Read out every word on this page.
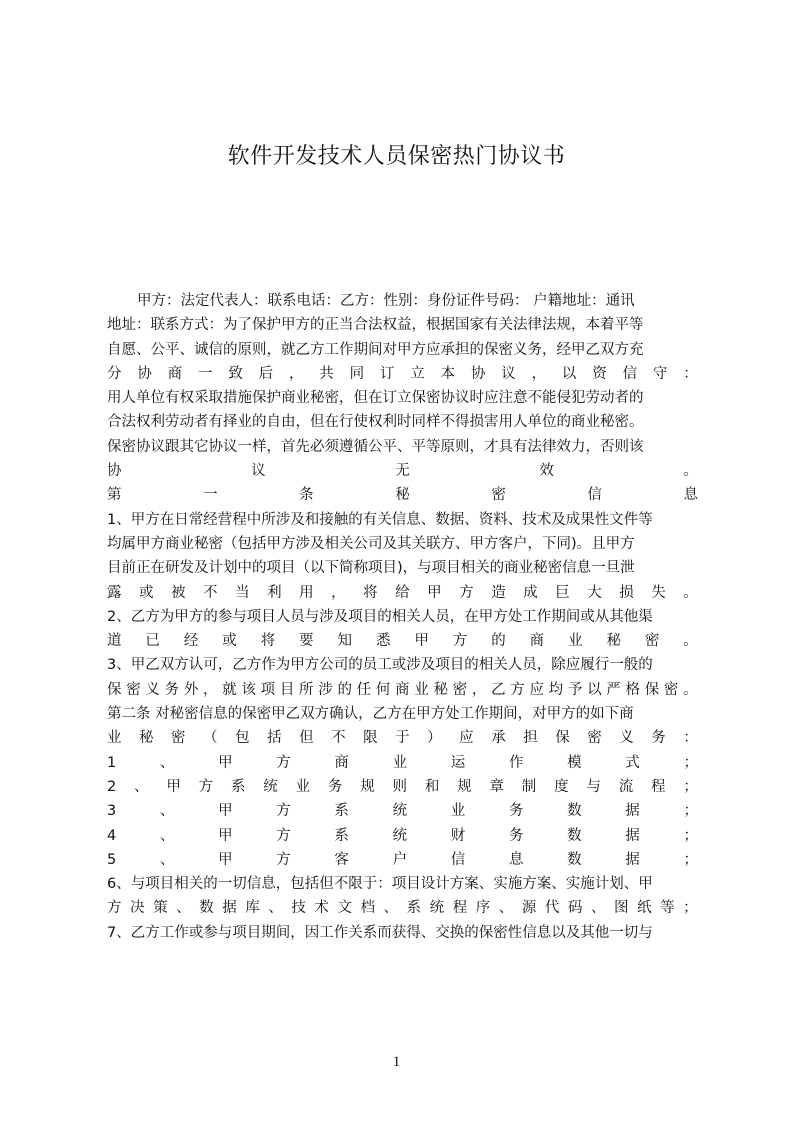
软件开发技术人员保密热门协议书
甲方：法定代表人：联系电话：乙方：性别：身份证件号码： 户籍地址：通讯
地址：联系方式：为了保护甲方的正当合法权益，根据国家有关法律法规，本着平等
自愿、公平、诚信的原则，就乙方工作期间对甲方应承担的保密义务，经甲乙双方充
分 协 商 一 致 后 ， 共 同 订 立 本 协 议 ， 以 资 信 守 ：
用人单位有权采取措施保护商业秘密，但在订立保密协议时应注意不能侵犯劳动者的
合法权利劳动者有择业的自由，但在行使权利时同样不得损害用人单位的商业秘密。
保密协议跟其它协议一样，首先必须遵循公平、平等原则，才具有法律效力，否则该
协	议	无	效	。
第	一	条	秘	密	信	息
1、甲方在日常经营程中所涉及和接触的有关信息、数据、资料、技术及成果性文件等
均属甲方商业秘密（包括甲方涉及相关公司及其关联方、甲方客户，下同)。且甲方
目前正在研发及计划中的项目（以下简称项目)，与项目相关的商业秘密信息一旦泄
露 或 被 不 当 利 用 ， 将 给 甲 方 造 成 巨 大 损 失 。
2、乙方为甲方的参与项目人员与涉及项目的相关人员，在甲方处工作期间或从其他渠
道 已 经 或 将 要 知 悉 甲 方 的 商 业 秘 密 。
3、甲乙双方认可，乙方作为甲方公司的员工或涉及项目的相关人员，除应履行一般的
保 密 义 务 外 ， 就 该 项 目 所 涉 的 任 何 商 业 秘 密 ， 乙 方 应 均 予 以 严 格 保 密 。
第二条 对秘密信息的保密甲乙双方确认，乙方在甲方处工作期间，对甲方的如下商
业 秘 密 （ 包 括 但 不 限 于 ） 应 承 担 保 密 义 务 ：
1	、	甲	方	商	业	运	作	模	式	；
2 、 甲 方 系 统 业 务 规 则 和 规 章 制 度 与 流 程 ；
3	、	甲	方	系	统	业	务	数	据	；
4	、	甲	方	系	统	财	务	数	据	；
5	、	甲	方	客	户	信	息	数	据	；
6、与项目相关的一切信息，包括但不限于：项目设计方案、实施方案、实施计划、甲
方 决 策 、 数 据 库 、 技 术 文 档 、 系 统 程 序 、 源 代 码 、 图 纸 等 ；
7、乙方工作或参与项目期间，因工作关系而获得、交换的保密性信息以及其他一切与
1
